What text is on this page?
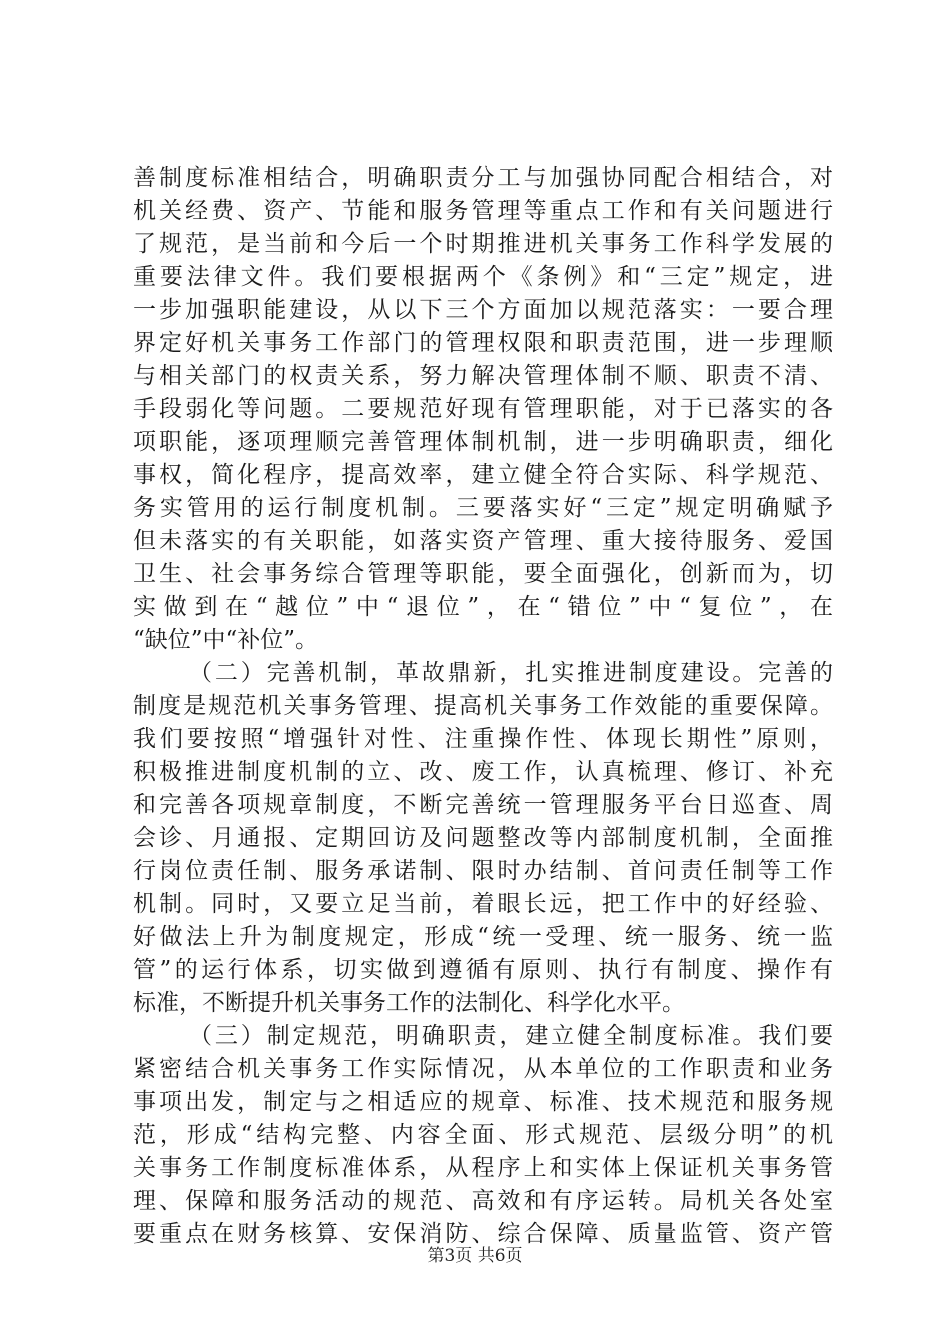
善制度标准相结合，明确职责分工与加强协同配合相结合，对
机关经费、资产、节能和服务管理等重点工作和有关问题进行
了规范，是当前和今后一个时期推进机关事务工作科学发展的
重要法律文件。我们要根据两个《条例》和“三定”规定，进
一步加强职能建设，从以下三个方面加以规范落实：一要合理
界定好机关事务工作部门的管理权限和职责范围，进一步理顺
与相关部门的权责关系，努力解决管理体制不顺、职责不清、
手段弱化等问题。二要规范好现有管理职能，对于已落实的各
项职能，逐项理顺完善管理体制机制，进一步明确职责，细化
事权，简化程序，提高效率，建立健全符合实际、科学规范、
务实管用的运行制度机制。三要落实好“三定”规定明确赋予
但未落实的有关职能，如落实资产管理、重大接待服务、爱国
卫生、社会事务综合管理等职能，要全面强化，创新而为，切
实做到在“越位”中“退位”，在“错位”中“复位”，在
“缺位”中“补位”。
（二）完善机制，革故鼎新，扎实推进制度建设。完善的
制度是规范机关事务管理、提高机关事务工作效能的重要保障。
我们要按照“增强针对性、注重操作性、体现长期性”原则，
积极推进制度机制的立、改、废工作，认真梳理、修订、补充
和完善各项规章制度，不断完善统一管理服务平台日巡查、周
会诊、月通报、定期回访及问题整改等内部制度机制，全面推
行岗位责任制、服务承诺制、限时办结制、首问责任制等工作
机制。同时，又要立足当前，着眼长远，把工作中的好经验、
好做法上升为制度规定，形成“统一受理、统一服务、统一监
管”的运行体系，切实做到遵循有原则、执行有制度、操作有
标准，不断提升机关事务工作的法制化、科学化水平。
（三）制定规范，明确职责，建立健全制度标准。我们要
紧密结合机关事务工作实际情况，从本单位的工作职责和业务
事项出发，制定与之相适应的规章、标准、技术规范和服务规
范，形成“结构完整、内容全面、形式规范、层级分明”的机
关事务工作制度标准体系，从程序上和实体上保证机关事务管
理、保障和服务活动的规范、高效和有序运转。局机关各处室
要重点在财务核算、安保消防、综合保障、质量监管、资产管
第3页 共6页
